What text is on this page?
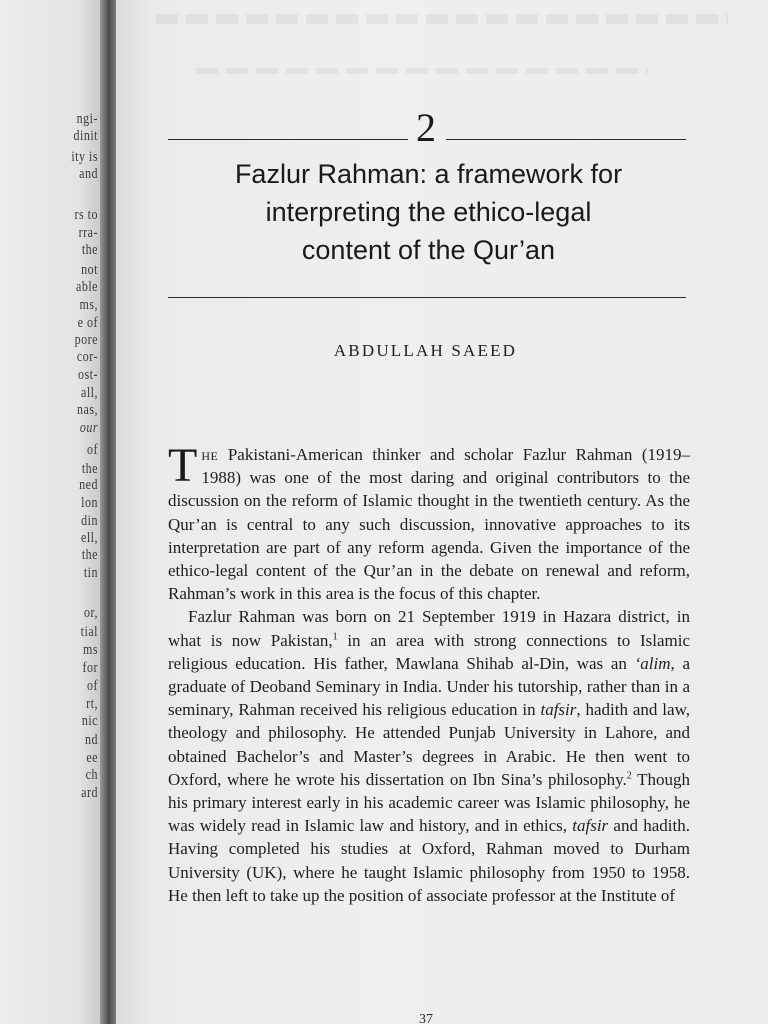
ngi-
dinit
ity is
and
rs to
rra-
the
not
able
ms,
e of
pore
cor-
ost-
all,
nas,
our
of
the
ned
lon
din
ell,
the
tin
or,
tial
ms
for
of
rt,
nic
nd
ee
ch
ard
2
Fazlur Rahman: a framework for
interpreting the ethico-legal
content of the Qur’an
ABDULLAH SAEED

The Pakistani-American thinker and scholar Fazlur Rahman (1919–1988) was one of the most daring and original contributors to the discussion on the reform of Islamic thought in the twentieth century. As the Qur’an is central to any such discussion, innovative approaches to its interpretation are part of any reform agenda. Given the importance of the ethico-legal content of the Qur’an in the debate on renewal and reform, Rahman’s work in this area is the focus of this chapter.

Fazlur Rahman was born on 21 September 1919 in Hazara district, in what is now Pakistan,$^1$ in an area with strong connections to Islamic religious education. His father, Mawlana Shihab al-Din, was an ‘alim, a graduate of Deoband Seminary in India. Under his tutorship, rather than in a seminary, Rahman received his religious education in tafsir, hadith and law, theology and philosophy. He attended Punjab University in Lahore, and obtained Bachelor’s and Master’s degrees in Arabic. He then went to Oxford, where he wrote his dissertation on Ibn Sina’s philosophy.$^2$ Though his primary interest early in his academic career was Islamic philosophy, he was widely read in Islamic law and history, and in ethics, tafsir and hadith. Having completed his studies at Oxford, Rahman moved to Durham University (UK), where he taught Islamic philosophy from 1950 to 1958. He then left to take up the position of associate professor at the Institute of

37
